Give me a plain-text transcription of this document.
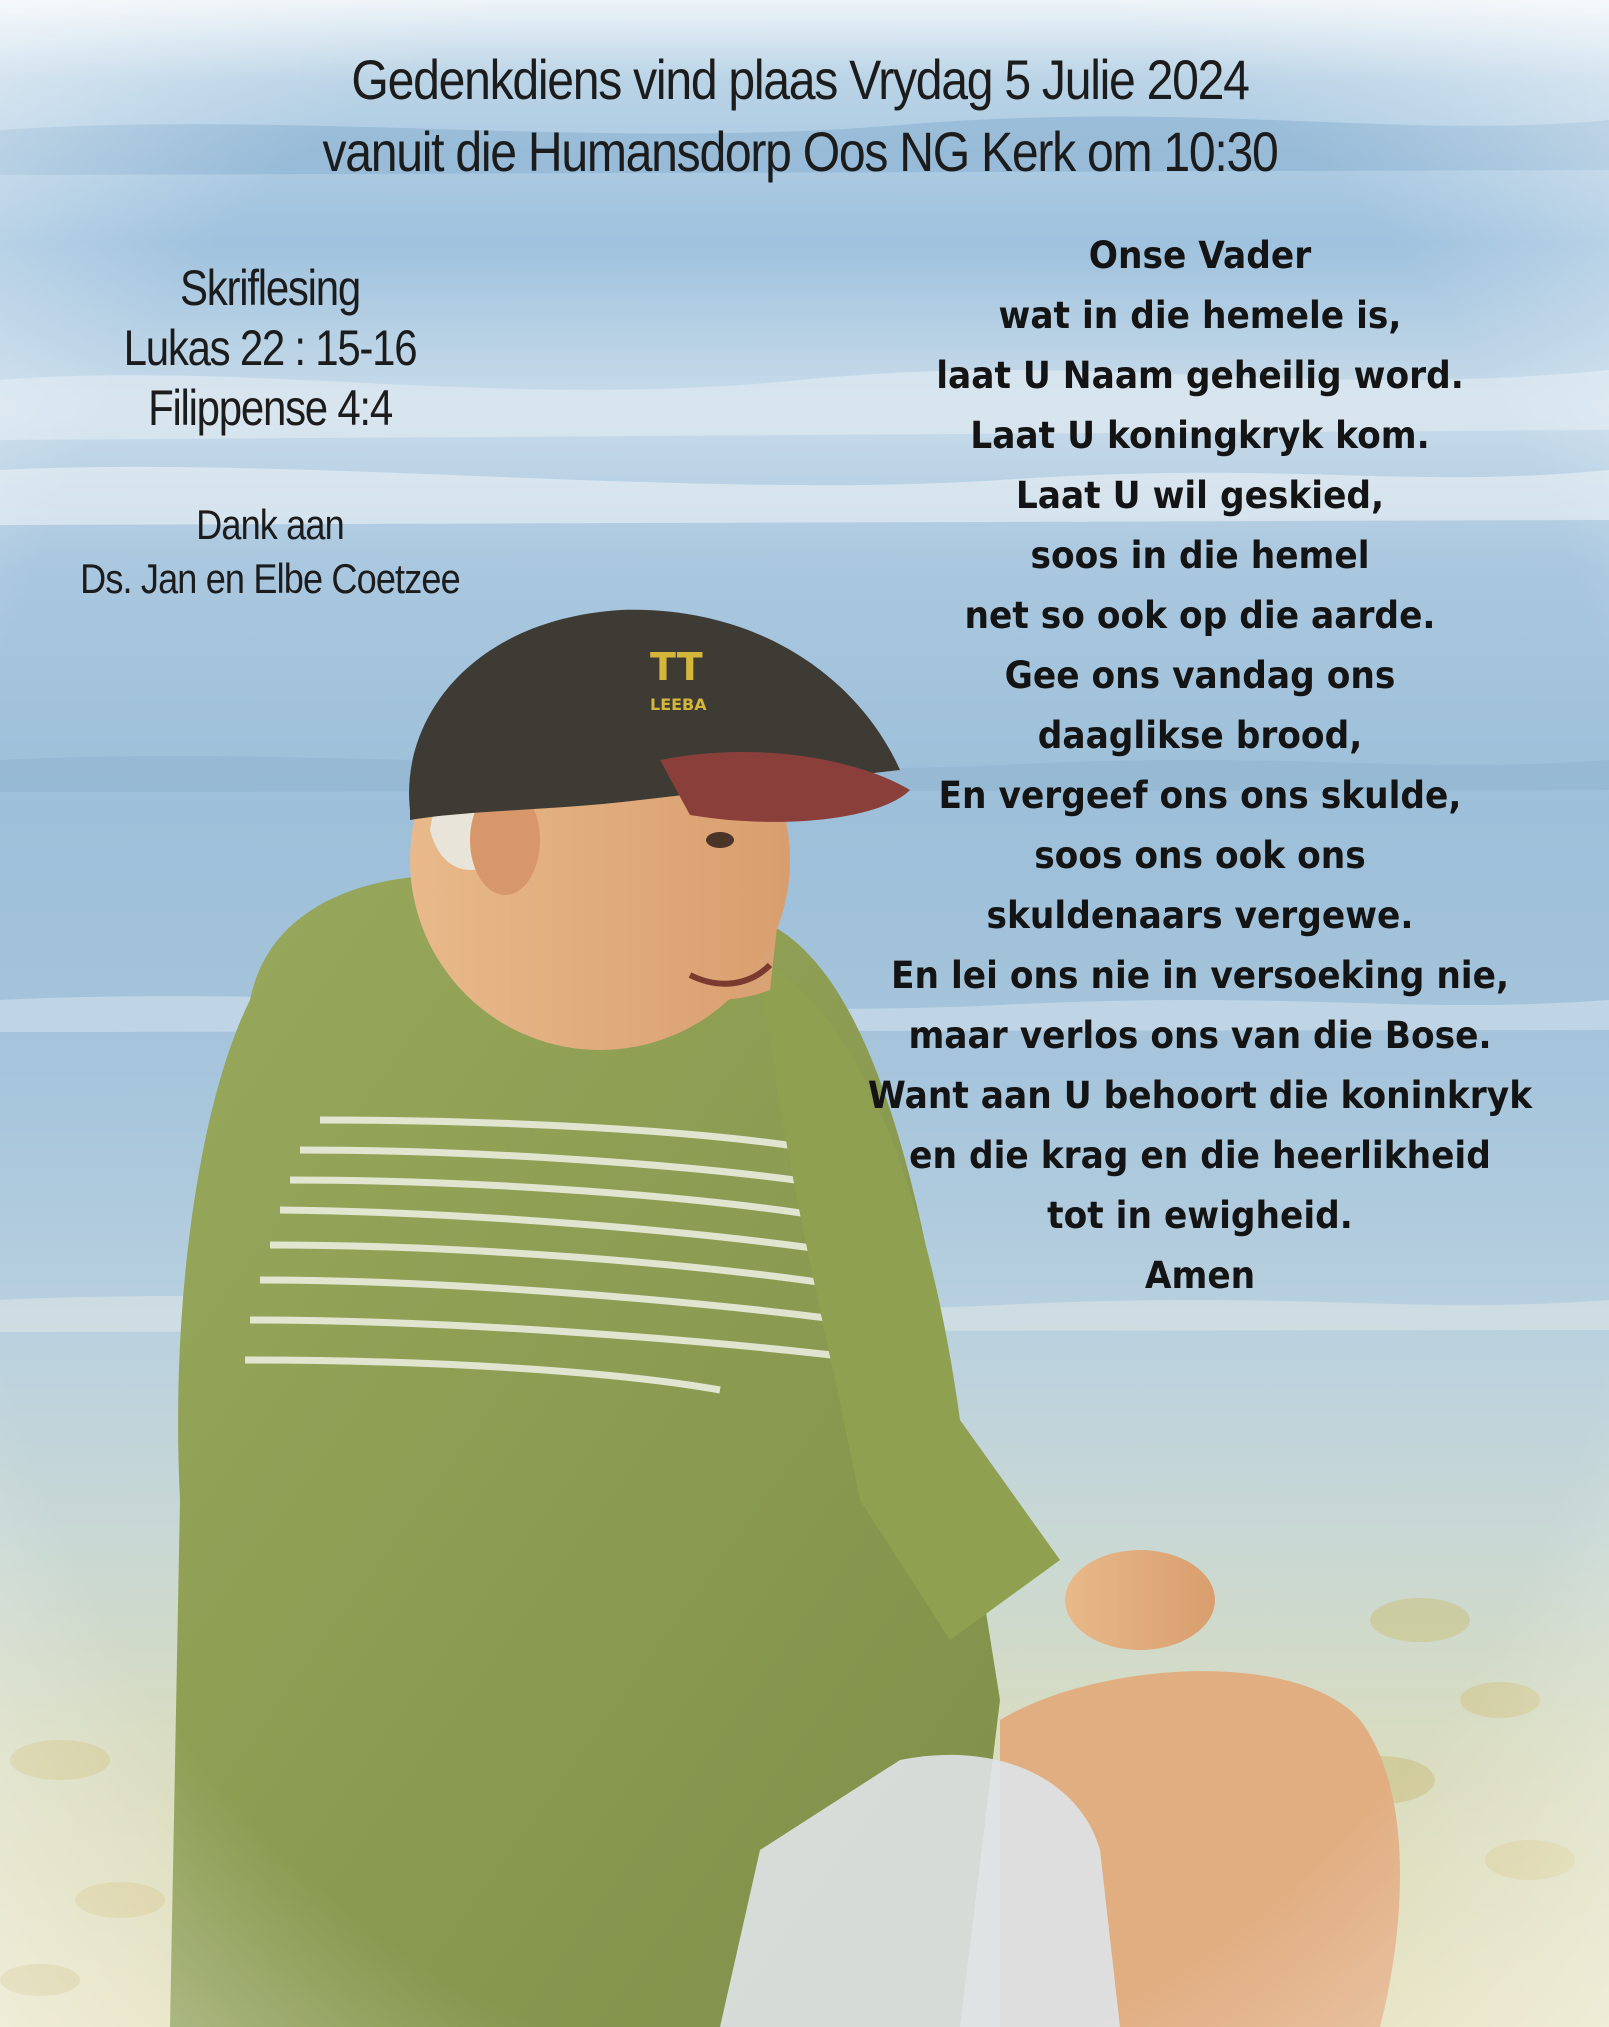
Gedenkdiens vind plaas Vrydag 5 Julie 2024
vanuit die Humansdorp Oos NG Kerk om 10:30
Skriflesing
Lukas 22 : 15-16
Filippense 4:4
Dank aan
Ds. Jan en Elbe Coetzee
Onse Vader
wat in die hemele is,
laat U Naam geheilig word.
Laat U koningkryk kom.
Laat U wil geskied,
soos in die hemel
net so ook op die aarde.
Gee ons vandag ons
daaglikse brood,
En vergeef ons ons skulde,
soos ons ook ons
skuldenaars vergewe.
En lei ons nie in versoeking nie,
maar verlos ons van die Bose.
Want aan U behoort die koninkryk
en die krag en die heerlikheid
tot in ewigheid.
Amen
